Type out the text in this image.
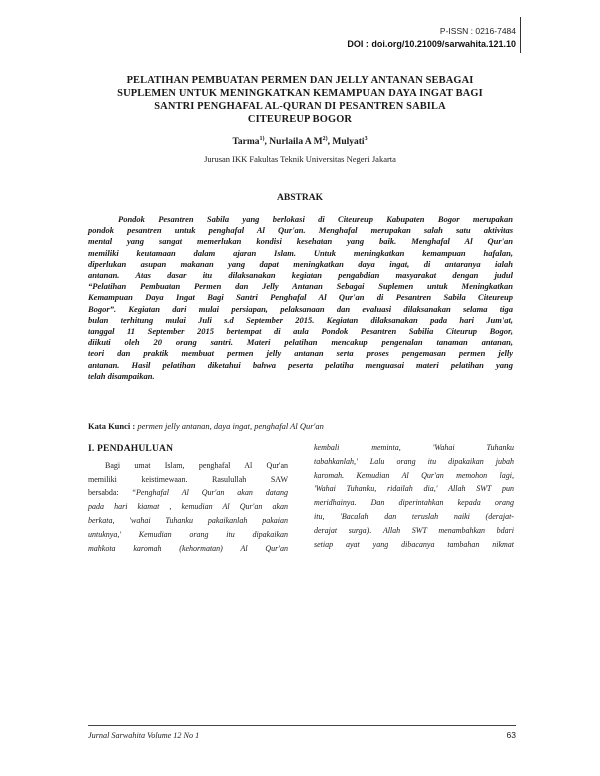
P-ISSN : 0216-7484
DOI : doi.org/10.21009/sarwahita.121.10
PELATIHAN PEMBUATAN PERMEN DAN JELLY ANTANAN SEBAGAI
SUPLEMEN UNTUK MENINGKATKAN KEMAMPUAN DAYA INGAT BAGI
SANTRI PENGHAFAL AL-QURAN DI PESANTREN SABILA
CITEUREUP BOGOR
Tarma$^{1)}$, Nurlaila A $M^{2)}$, Mulyati$^3$
Jurusan IKK Fakultas Teknik Universitas Negeri Jakarta
ABSTRAK
Pondok Pesantren Sabila yang berlokasi di Citeureup Kabupaten Bogor merupakan
pondok pesantren untuk penghafal Al Qur'an. Menghafal merupakan salah satu aktivitas
mental yang sangat memerlukan kondisi kesehatan yang baik. Menghafal Al Qur'an
memiliki keutamaan dalam ajaran Islam. Untuk meningkatkan kemampuan hafalan,
diperlukan asupan makanan yang dapat meningkatkan daya ingat, di antaranya ialah
antanan. Atas dasar itu dilaksanakan kegiatan pengabdian masyarakat dengan judul
“Pelatihan Pembuatan Permen dan Jelly Antanan Sebagai Suplemen untuk Meningkatkan
Kemampuan Daya Ingat Bagi Santri Penghafal Al Qur'an di Pesantren Sabila Citeureup
Bogor”. Kegiatan dari mulai persiapan, pelaksanaan dan evaluasi dilaksanakan selama tiga
bulan terhitung mulai Juli s.d September 2015. Kegiatan dilaksanakan pada hari Jum'at,
tanggal 11 September 2015 bertempat di aula Pondok Pesantren Sabilia Citeurup Bogor,
diikuti oleh 20 orang santri. Materi pelatihan mencakup pengenalan tanaman antanan,
teori dan praktik membuat permen jelly antanan serta proses pengemasan permen jelly
antanan. Hasil pelatihan diketahui bahwa peserta pelatiha menguasai materi pelatihan yang
telah disampaikan.
Kata Kunci : permen jelly antanan, daya ingat, penghafal Al Qur'an
I. PENDAHULUAN
Bagi umat Islam, penghafal Al Qur'an
memiliki keistimewaan. Rasulullah SAW
bersabda: “Penghafal Al Qur'an akan datang
pada hari kiamat , kemudian Al Qur'an akan
berkata, 'wahai Tuhanku pakaikanlah pakaian
untuknya,' Kemudian orang itu dipakaikan
mahkota karomah (kehormatan) Al Qur'an
kembali meminta, 'Wahai Tuhanku
tabahkanlah,' Lalu orang itu dipakaikan jubah
karomah. Kemudian Al Qur'an memohon lagi,
'Wahai Tuhanku, ridailah dia,' Allah SWT pun
meridhainya. Dan diperintahkan kepada orang
itu, 'Bacalah dan teruslah naiki (derajat-
derajat surga). Allah SWT menambahkan bdari
setiap ayat yang dibacanya tambahan nikmat
Jurnal Sarwahita Volume 12 No 1	63
